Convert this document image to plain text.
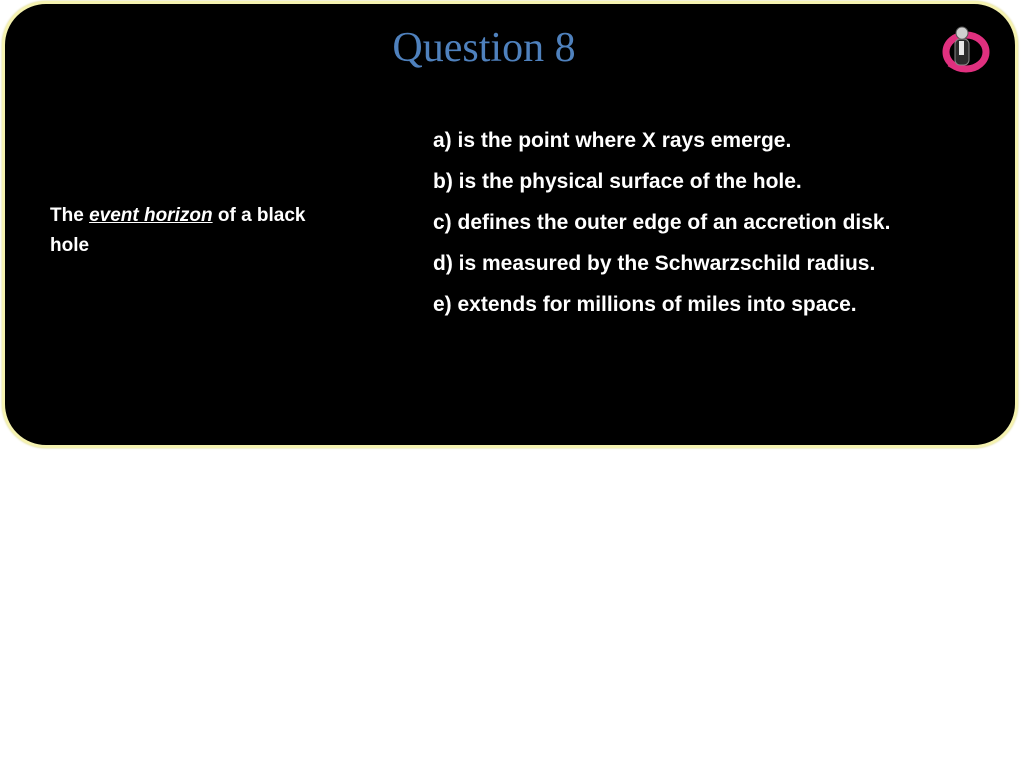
Question 8
The event horizon of a black hole
a) is the point where X rays emerge.
b) is the physical surface of the hole.
c) defines the outer edge of an accretion disk.
d) is measured by the Schwarzschild radius.
e) extends for millions of miles into space.
